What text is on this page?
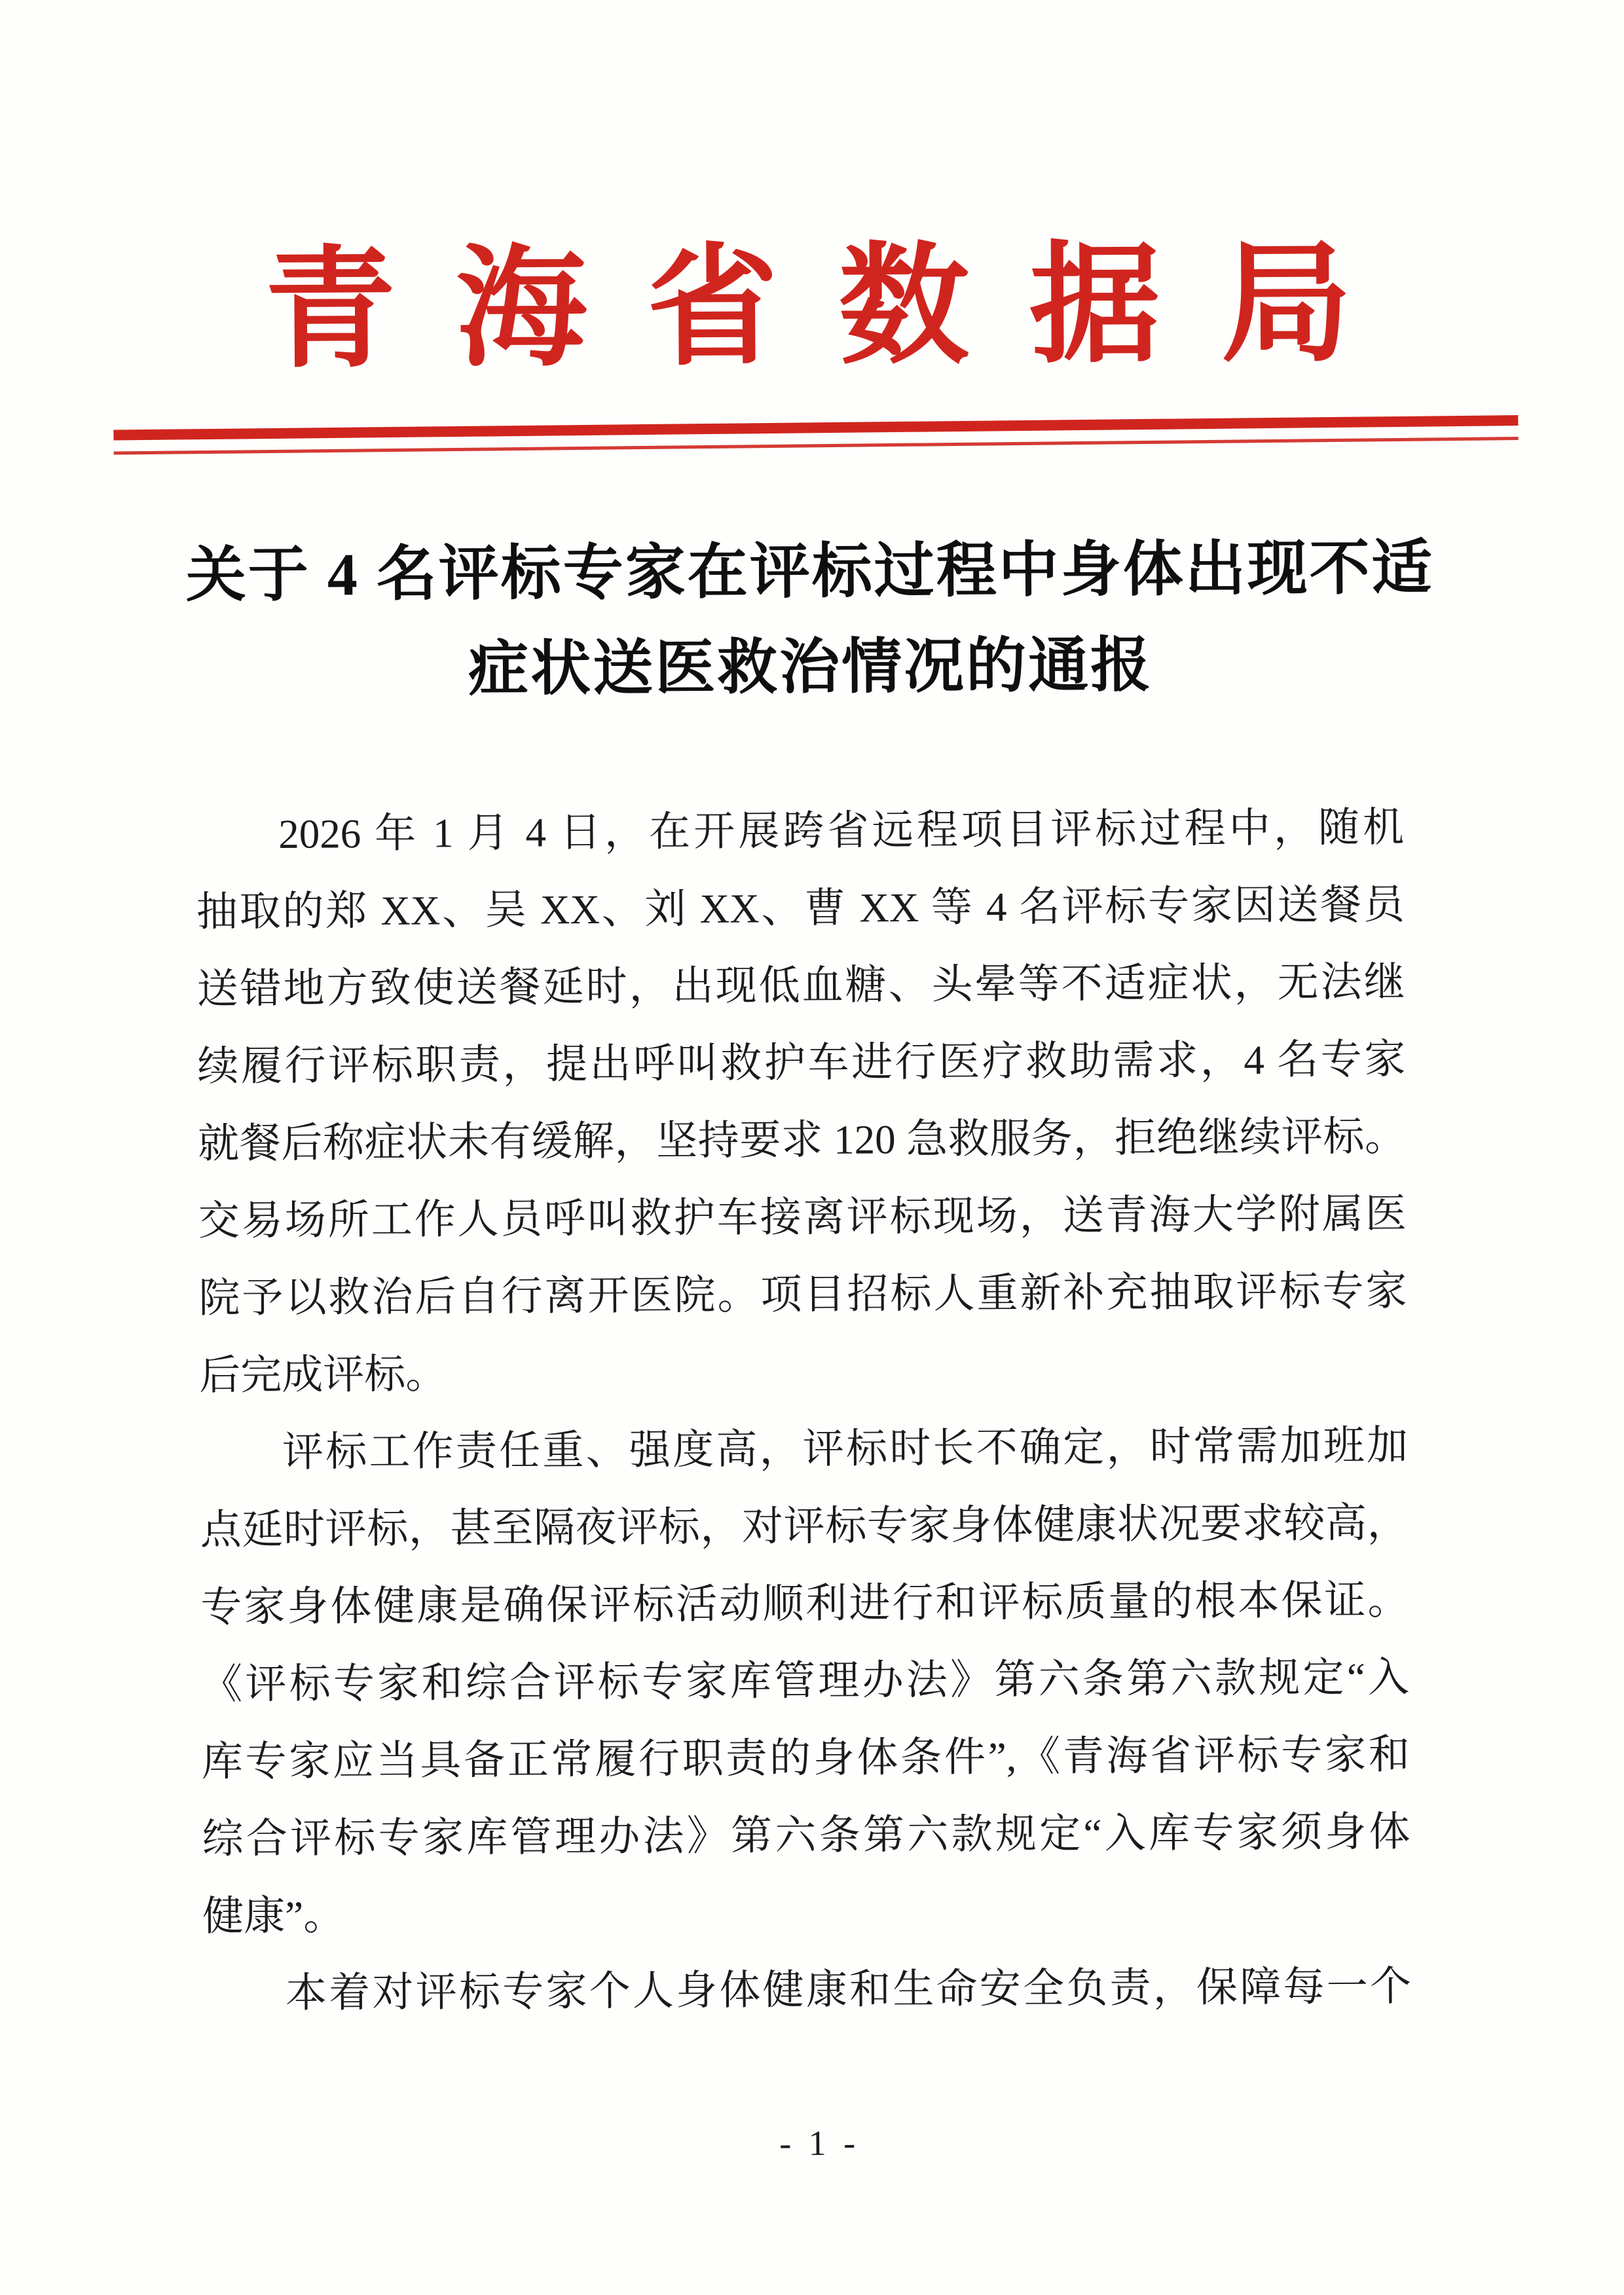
青海省数据局
关于 4 名评标专家在评标过程中身体出现不适
症状送医救治情况的通报
2026 年 1 月 4 日，在开展跨省远程项目评标过程中，随机
抽取的郑 XX、吴 XX、刘 XX、曹 XX 等 4 名评标专家因送餐员
送错地方致使送餐延时，出现低血糖、头晕等不适症状，无法继
续履行评标职责，提出呼叫救护车进行医疗救助需求，4 名专家
就餐后称症状未有缓解，坚持要求 120 急救服务，拒绝继续评标。
交易场所工作人员呼叫救护车接离评标现场，送青海大学附属医
院予以救治后自行离开医院。项目招标人重新补充抽取评标专家
后完成评标。
评标工作责任重、强度高，评标时长不确定，时常需加班加
点延时评标，甚至隔夜评标，对评标专家身体健康状况要求较高，
专家身体健康是确保评标活动顺利进行和评标质量的根本保证。
《评标专家和综合评标专家库管理办法》第六条第六款规定“入
库专家应当具备正常履行职责的身体条件”,《青海省评标专家和
综合评标专家库管理办法》第六条第六款规定“入库专家须身体
健康”。
本着对评标专家个人身体健康和生命安全负责，保障每一个
- 1 -
